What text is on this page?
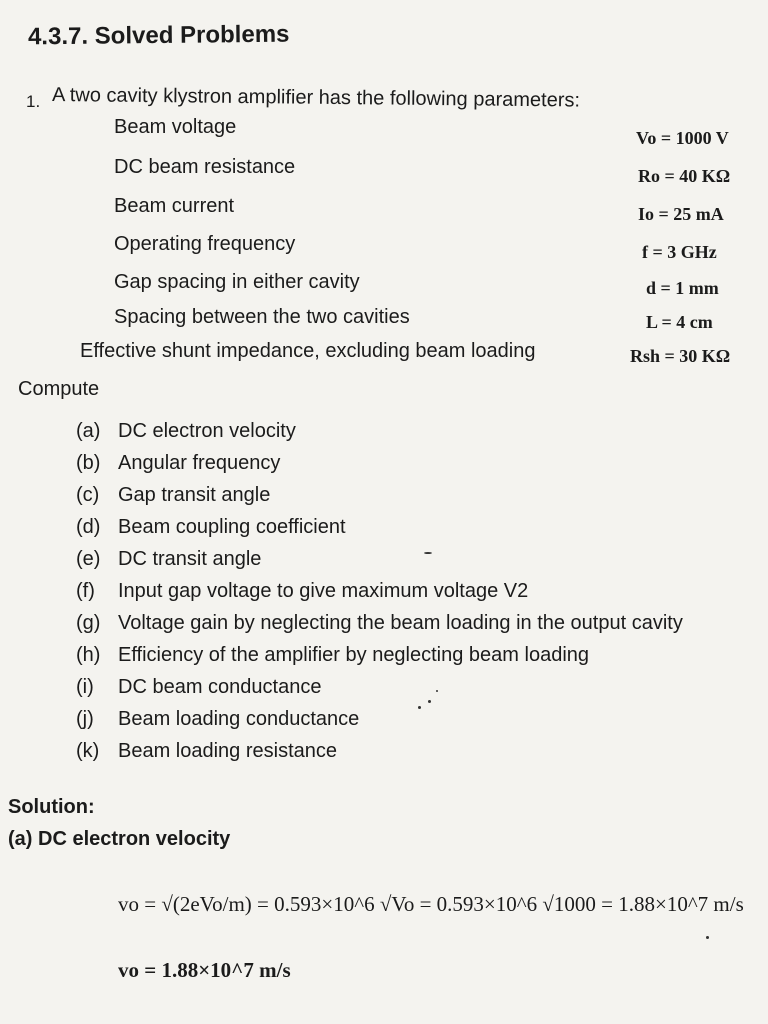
4.3.7. Solved Problems
1. A two cavity klystron amplifier has the following parameters:
Beam voltage
DC beam resistance
Beam current
Operating frequency
Gap spacing in either cavity
Spacing between the two cavities
Effective shunt impedance, excluding beam loading
Vo = 1000 V
Ro = 40 KΩ
Io = 25 mA
f = 3 GHz
d = 1 mm
L = 4 cm
Rsh = 30 KΩ
Compute
(a) DC electron velocity
(b) Angular frequency
(c) Gap transit angle
(d) Beam coupling coefficient
(e) DC transit angle
(f) Input gap voltage to give maximum voltage V2
(g) Voltage gain by neglecting the beam loading in the output cavity
(h) Efficiency of the amplifier by neglecting beam loading
(i) DC beam conductance
(j) Beam loading conductance
(k) Beam loading resistance
Solution:
(a) DC electron velocity
vo = √(2eVo/m) = 0.593×10^6 √Vo = 0.593×10^6 √1000 = 1.88×10^7 m/s
vo = 1.88×10^7 m/s
